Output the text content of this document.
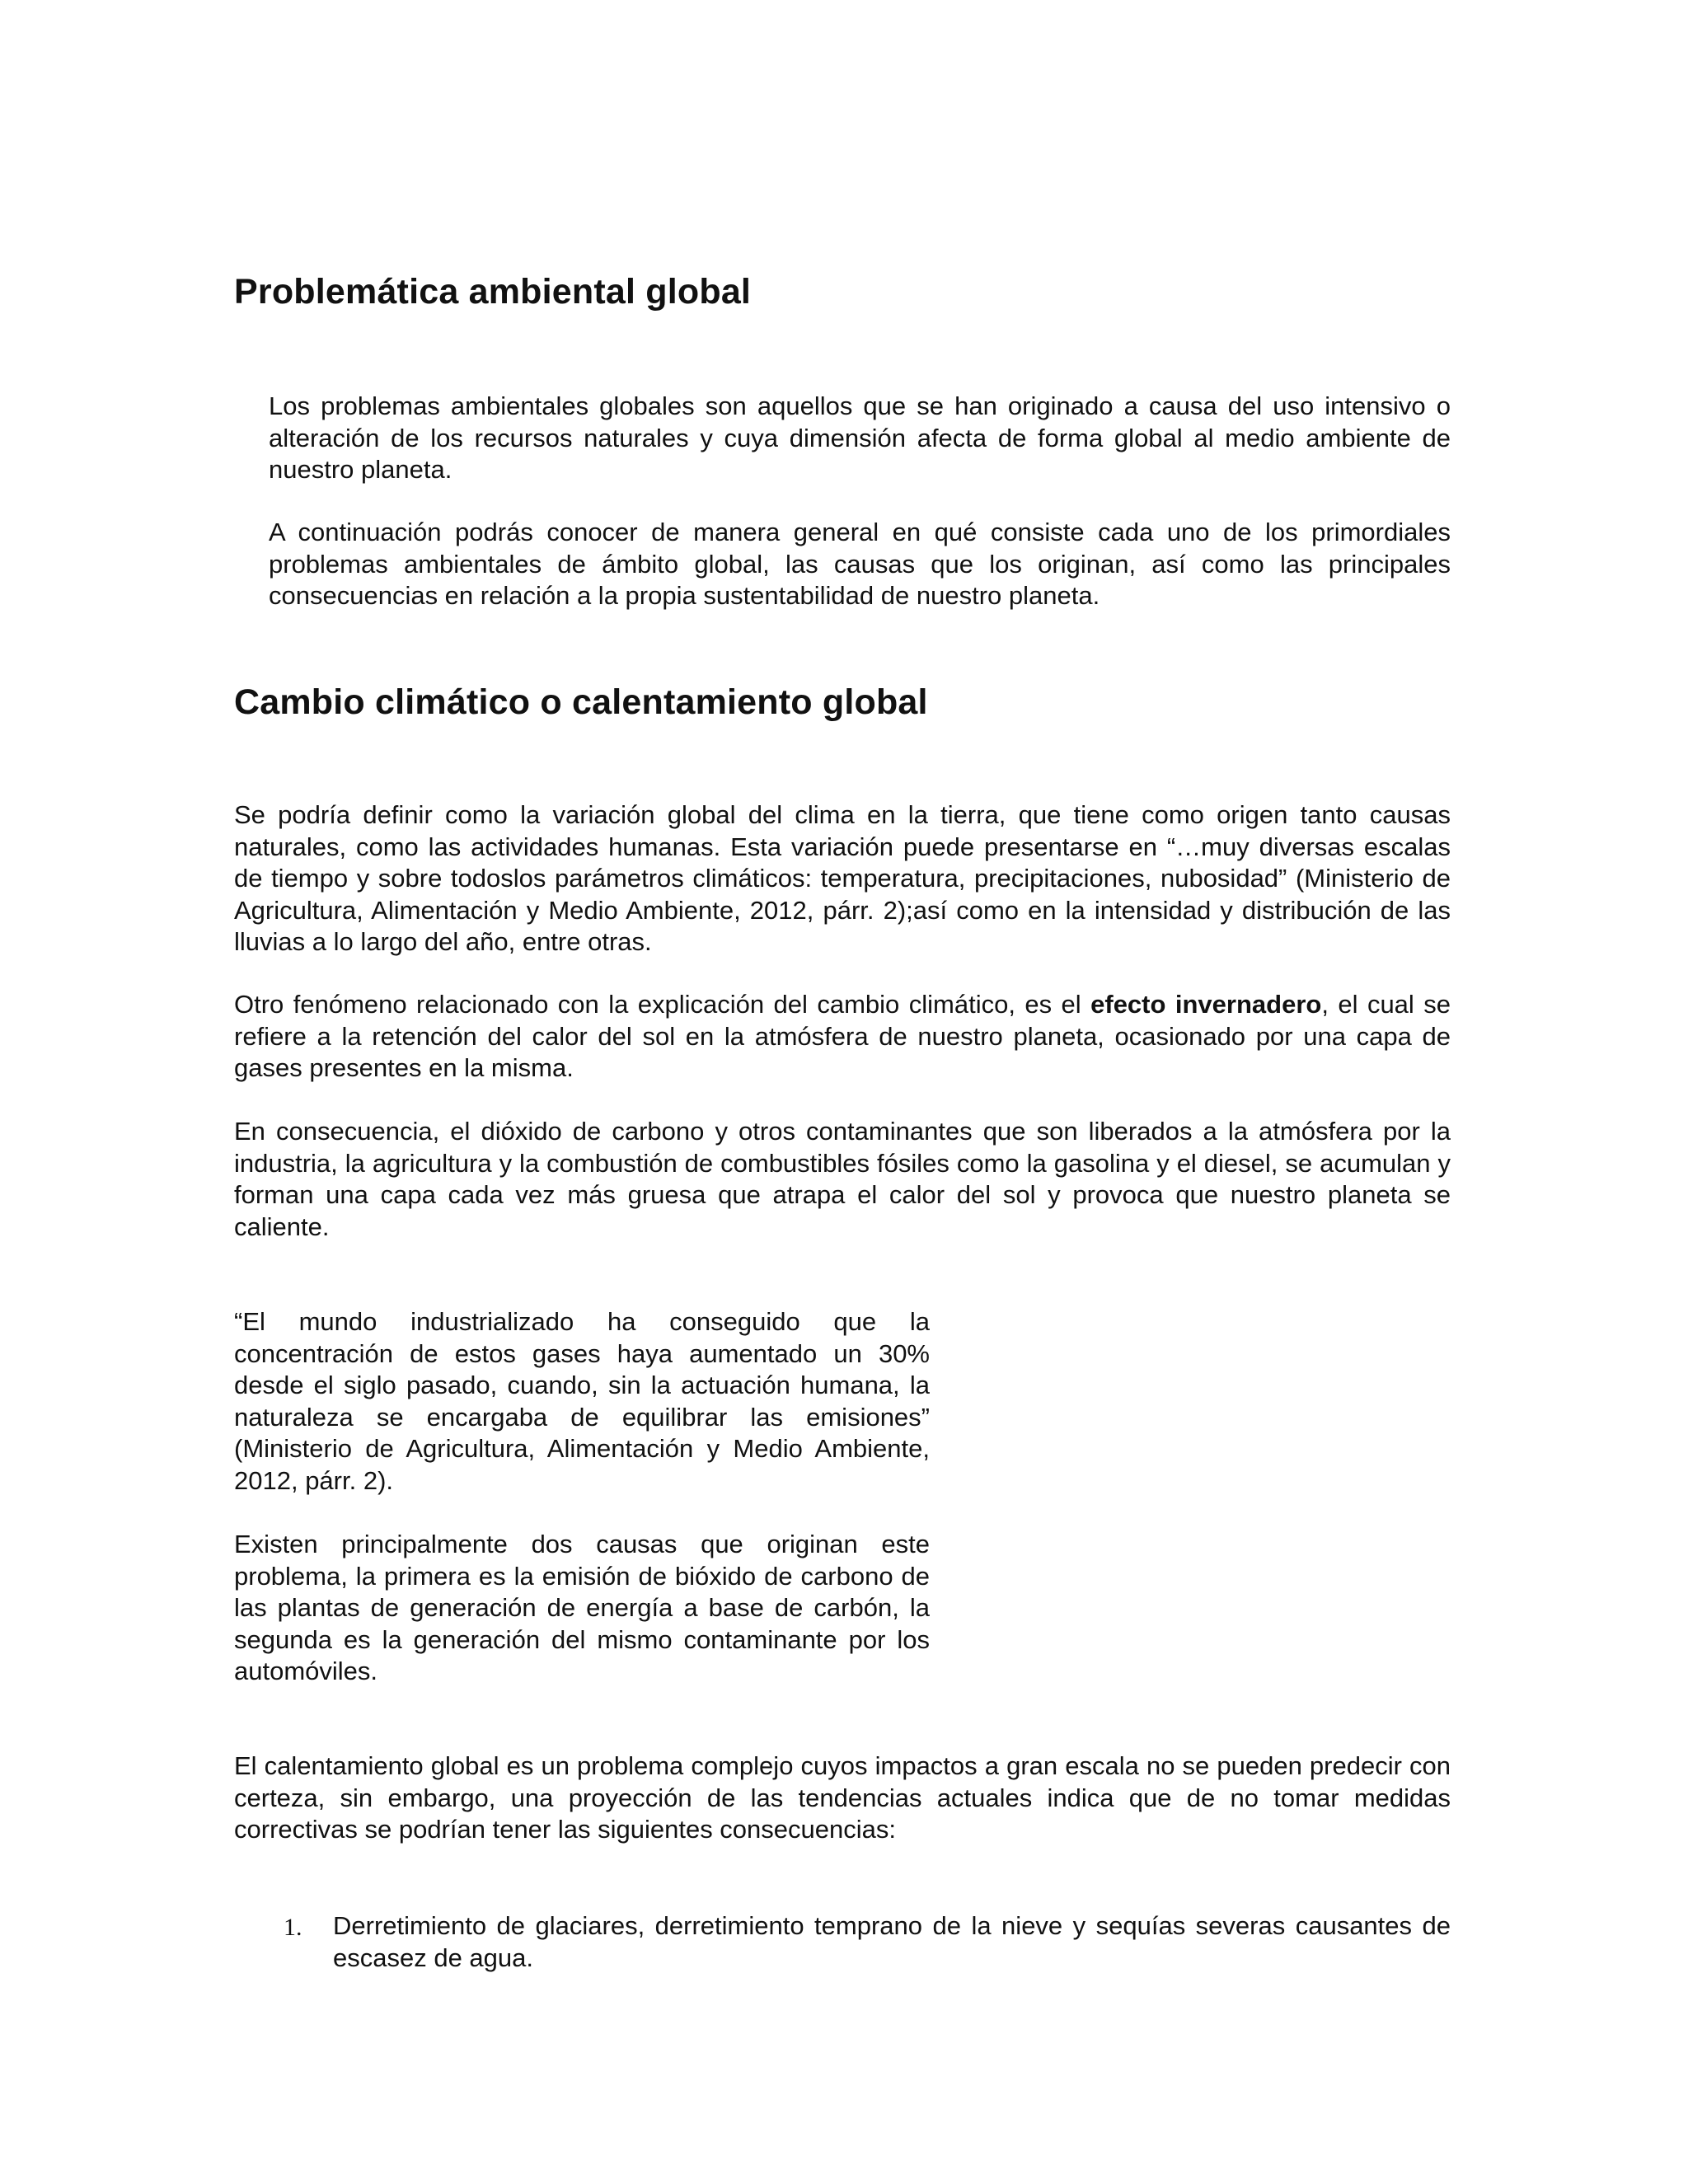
Problemática ambiental global

Los problemas ambientales globales son aquellos que se han originado a causa del uso intensivo o alteración de los recursos naturales y cuya dimensión afecta de forma global al medio ambiente de nuestro planeta.

A continuación podrás conocer de manera general en qué consiste cada uno de los primordiales problemas ambientales de ámbito global, las causas que los originan, así como las principales consecuencias en relación a la propia sustentabilidad de nuestro planeta.

Cambio climático o calentamiento global

Se podría definir como la variación global del clima en la tierra, que tiene como origen tanto causas naturales, como las actividades humanas. Esta variación puede presentarse en “…muy diversas escalas de tiempo y sobre todoslos parámetros climáticos: temperatura, precipitaciones, nubosidad” (Ministerio de Agricultura, Alimentación y Medio Ambiente, 2012, párr. 2);así como en la intensidad y distribución de las lluvias a lo largo del año, entre otras.

Otro fenómeno relacionado con la explicación del cambio climático, es el efecto invernadero, el cual se refiere a la retención del calor del sol en la atmósfera de nuestro planeta, ocasionado por una capa de gases presentes en la misma.

En consecuencia, el dióxido de carbono y otros contaminantes que son liberados a la atmósfera por la industria, la agricultura y la combustión de combustibles fósiles como la gasolina y el diesel, se acumulan y forman una capa cada vez más gruesa que atrapa el calor del sol y provoca que nuestro planeta se caliente.

“El mundo industrializado ha conseguido que la concentración de estos gases haya aumentado un 30% desde el siglo pasado, cuando, sin la actuación humana, la naturaleza se encargaba de equilibrar las emisiones” (Ministerio de Agricultura, Alimentación y Medio Ambiente, 2012, párr. 2).

Existen principalmente dos causas que originan este problema, la primera es la emisión de bióxido de carbono de las plantas de generación de energía a base de carbón, la segunda es la generación del mismo contaminante por los automóviles.

El calentamiento global es un problema complejo cuyos impactos a gran escala no se pueden predecir con certeza, sin embargo, una proyección de las tendencias actuales indica que de no tomar medidas correctivas se podrían tener las siguientes consecuencias:

1.	Derretimiento de glaciares, derretimiento temprano de la nieve y sequías severas causantes de escasez de agua.
